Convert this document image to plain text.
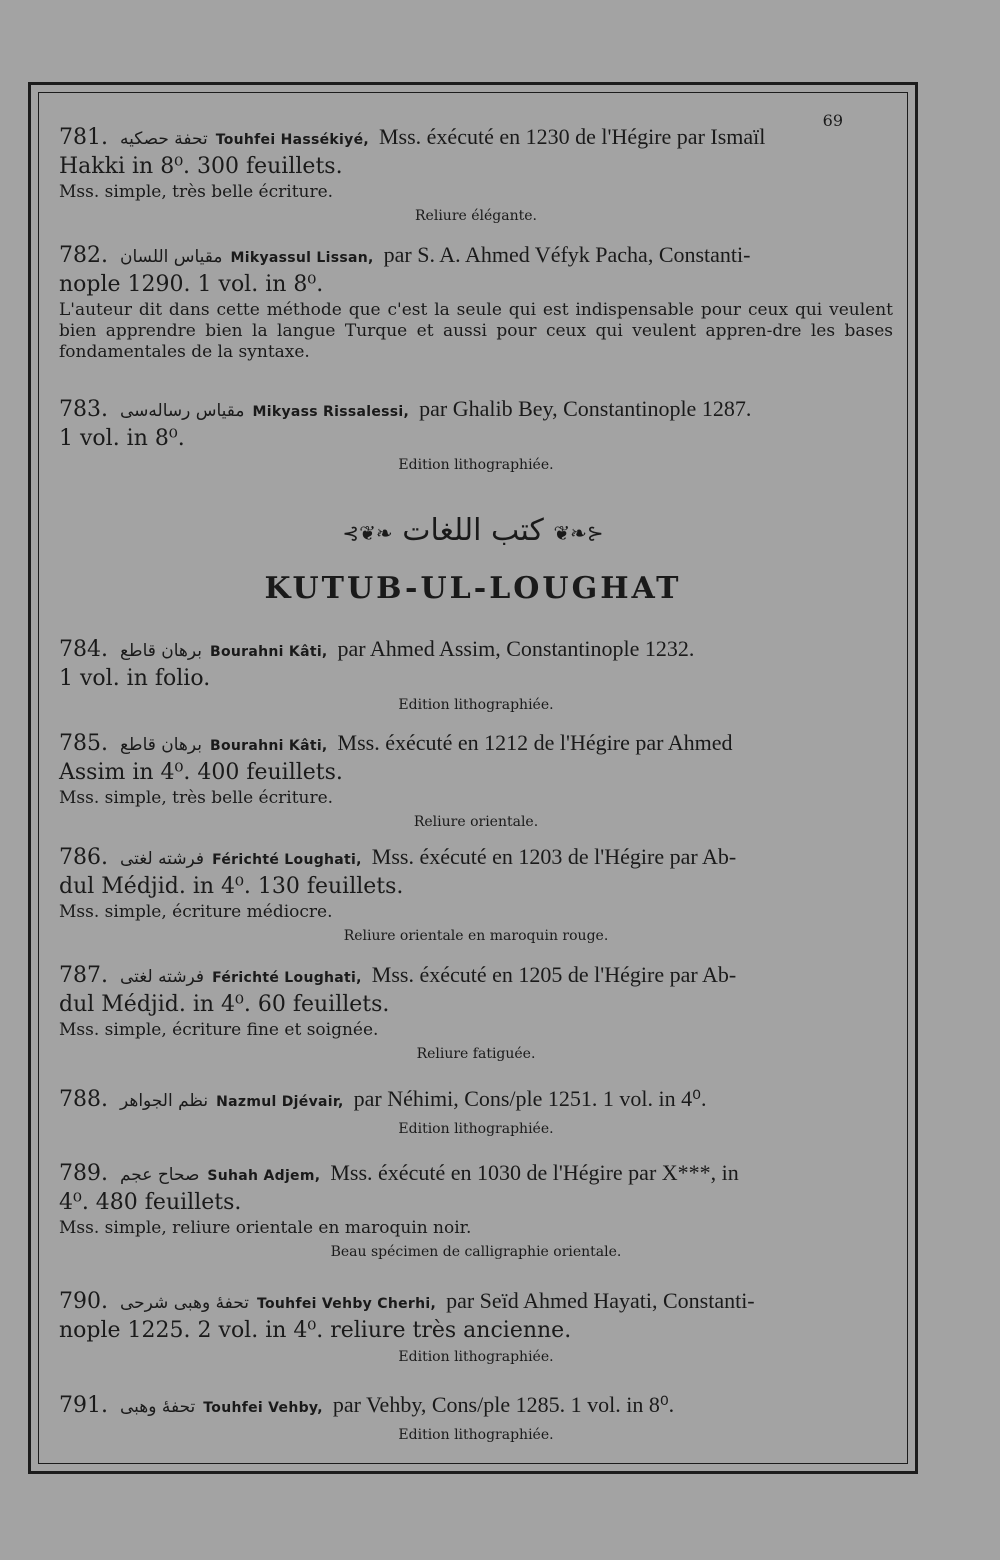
69
781. تحفة حصكيه Touhfei Hassékiyé, Mss. éxécuté en 1230 de l'Hégire par Ismaïl
Hakki in 8⁰. 300 feuillets.
Mss. simple, très belle écriture.
Reliure élégante.
782. مقياس اللسان Mikyassul Lissan, par S. A. Ahmed Véfyk Pacha, Constanti-
nople 1290. 1 vol. in 8⁰.
L'auteur dit dans cette méthode que c'est la seule qui est indispensable pour ceux qui veulent bien apprendre bien la langue Turque et aussi pour ceux qui veulent appren-dre les bases fondamentales de la syntaxe.
783. مقياس رساله‌سی Mikyass Rissalessi, par Ghalib Bey, Constantinople 1287.
1 vol. in 8⁰.
Edition lithographiée.
⊰❦❧ كتب اللغات ❦❧⊱
KUTUB-UL-LOUGHAT
784. برهان قاطع Bourahni Kâti, par Ahmed Assim, Constantinople 1232.
1 vol. in folio.
Edition lithographiée.
785. برهان قاطع Bourahni Kâti, Mss. éxécuté en 1212 de l'Hégire par Ahmed
Assim in 4⁰. 400 feuillets.
Mss. simple, très belle écriture.
Reliure orientale.
786. فرشته لغتی Férichté Loughati, Mss. éxécuté en 1203 de l'Hégire par Ab-
dul Médjid. in 4⁰. 130 feuillets.
Mss. simple, écriture médiocre.
Reliure orientale en maroquin rouge.
787. فرشته لغتی Férichté Loughati, Mss. éxécuté en 1205 de l'Hégire par Ab-
dul Médjid. in 4⁰. 60 feuillets.
Mss. simple, écriture fine et soignée.
Reliure fatiguée.
788. نظم الجواهر Nazmul Djévair, par Néhimi, Cons/ple 1251. 1 vol. in 4⁰.
Edition lithographiée.
789. صحاح عجم Suhah Adjem, Mss. éxécuté en 1030 de l'Hégire par X***, in
4⁰. 480 feuillets.
Mss. simple, reliure orientale en maroquin noir.
Beau spécimen de calligraphie orientale.
790. تحفهٔ وهبی شرحی Touhfei Vehby Cherhi, par Seïd Ahmed Hayati, Constanti-
nople 1225. 2 vol. in 4⁰. reliure très ancienne.
Edition lithographiée.
791. تحفهٔ وهبی Touhfei Vehby, par Vehby, Cons/ple 1285. 1 vol. in 8⁰.
Edition lithographiée.
